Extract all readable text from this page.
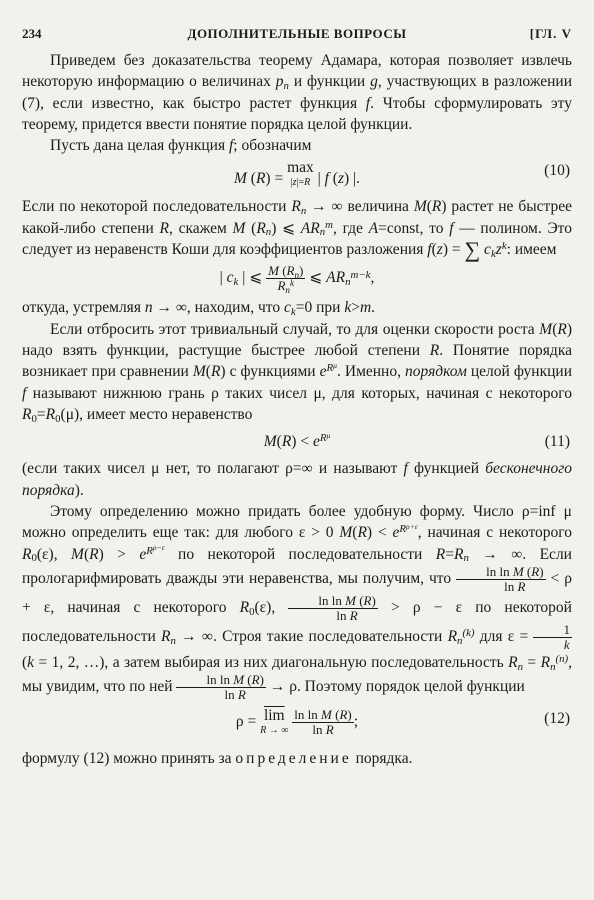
234	ДОПОЛНИТЕЛЬНЫЕ ВОПРОСЫ	[ГЛ. V

Приведем без доказательства теорему Адамара, которая позволяет извлечь некоторую информацию о величинах $p_n$ и функции g, участвующих в разложении (7), если известно, как быстро растет функция f. Чтобы сформулировать эту теорему, придется ввести понятие порядка целой функции.

Пусть дана целая функция f; обозначим

M (R) =
max
|z|=R | f (z) |.	(10)

Если по некоторой последовательности $R_n$ → ∞ величина M(R) растет не быстрее какой-либо степени R, скажем M $(R_n)$ ⩽ $AR_n^m$, где A=const, то f — полином. Это следует из неравенств Коши для коэффициентов разложения f(z) = ∑ $c_kz^k$: имеем

| $c_k$ | ⩽ $\frac{M (R_n)}{R_n^k}$ ⩽ $AR_n^{m-k}$,

откуда, устремляя n → ∞, находим, что $c_k=0$ при k>m.

Если отбросить этот тривиальный случай, то для оценки скорости роста M(R) надо взять функции, растущие быстрее любой степени R. Понятие порядка возникает при сравнении M(R) с функциями $e^{R^\mu}$. Именно, порядком целой функции f называют нижнюю грань ρ таких чисел μ, для которых, начиная с некоторого $R_0=R_0(\mu)$, имеет место неравенство

$M(R) < e^{R^\mu}$	(11)

(если таких чисел μ нет, то полагают ρ=∞ и называют f функцией бесконечного порядка).

Этому определению можно придать более удобную форму. Число ρ=inf μ можно определить еще так: для любого ε > 0 $M(R) < e^{R^{\rho+\varepsilon}}$, начиная с некоторого $R_0(\varepsilon)$, $M(R) > e^{R^{\rho-\varepsilon}}$ по некоторой последовательности $R=R_n$ → ∞. Если прологарифмировать дважды эти неравенства, мы получим, что $\frac{\text{ln ln M (R)}}{\text{ln R}} < \rho + \varepsilon$, начиная с некоторого $R_0(\varepsilon)$, $\frac{\text{ln ln M (R)}}{\text{ln R}} > \rho - \varepsilon$ по некоторой последовательности $R_n$ → ∞. Строя такие последовательности $R_n^{(k)}$ для $\varepsilon = \frac{1}{k}$
(k = 1, 2, …), а затем выбирая из них диагональную последовательность $R_n = R_n^{(n)}$, мы увидим, что по ней $\frac{\text{ln ln M (R)}}{\text{ln R}} \to \rho$. Поэтому порядок целой функции

$\rho = \overline{lim}$
R → ∞
$\frac{\text{ln ln M (R)}}{\text{ln R}}$ ;	(12)

формулу (12) можно принять за определение порядка.
